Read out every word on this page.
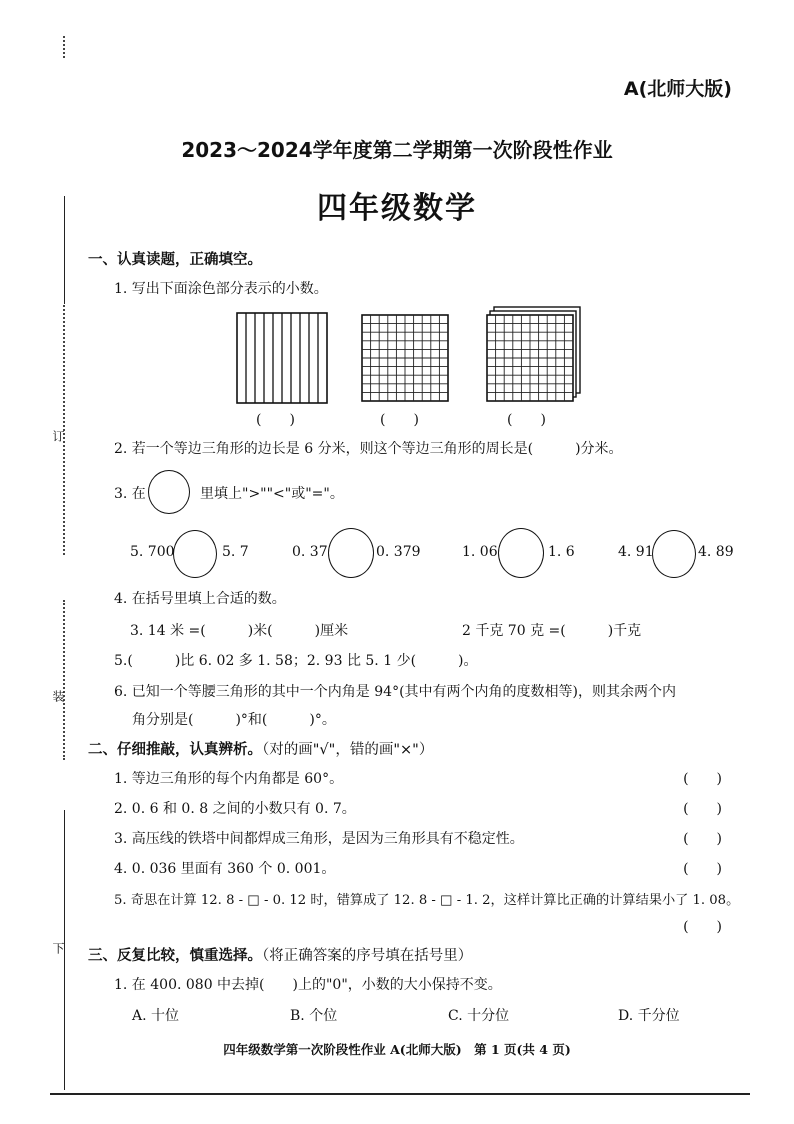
订
装
下
A(北师大版)
2023～2024学年度第二学期第一次阶段性作业
四年级数学
一、认真读题，正确填空。
1. 写出下面涂色部分表示的小数。
(　　)	(　　)	(　　)
2. 若一个等边三角形的边长是 6 分米，则这个等边三角形的周长是(　　　)分米。
3. 在	里填上">""<"或"="。
5. 700	5. 7	0. 37	0. 379	1. 06	1. 6	4. 91	4. 89
4. 在括号里填上合适的数。
3. 14 米 =(　　　)米(　　　)厘米	2 千克 70 克 =(　　　)千克
5.(　　　)比 6. 02 多 1. 58；2. 93 比 5. 1 少(　　　)。
6. 已知一个等腰三角形的其中一个内角是 94°(其中有两个内角的度数相等)，则其余两个内
角分别是(　　　)°和(　　　)°。
二、仔细推敲，认真辨析。（对的画"√"，错的画"×"）
1. 等边三角形的每个内角都是 60°。	(　　)
2. 0. 6 和 0. 8 之间的小数只有 0. 7。	(　　)
3. 高压线的铁塔中间都焊成三角形，是因为三角形具有不稳定性。	(　　)
4. 0. 036 里面有 360 个 0. 001。	(　　)
5. 奇思在计算 12. 8 - □ - 0. 12 时，错算成了 12. 8 - □ - 1. 2，这样计算比正确的计算结果小了 1. 08。
(　　)
三、反复比较，慎重选择。（将正确答案的序号填在括号里）
1. 在 400. 080 中去掉(　　)上的"0"，小数的大小保持不变。
A. 十位	B. 个位	C. 十分位	D. 千分位
四年级数学第一次阶段性作业 A(北师大版)　第 1 页(共 4 页)
